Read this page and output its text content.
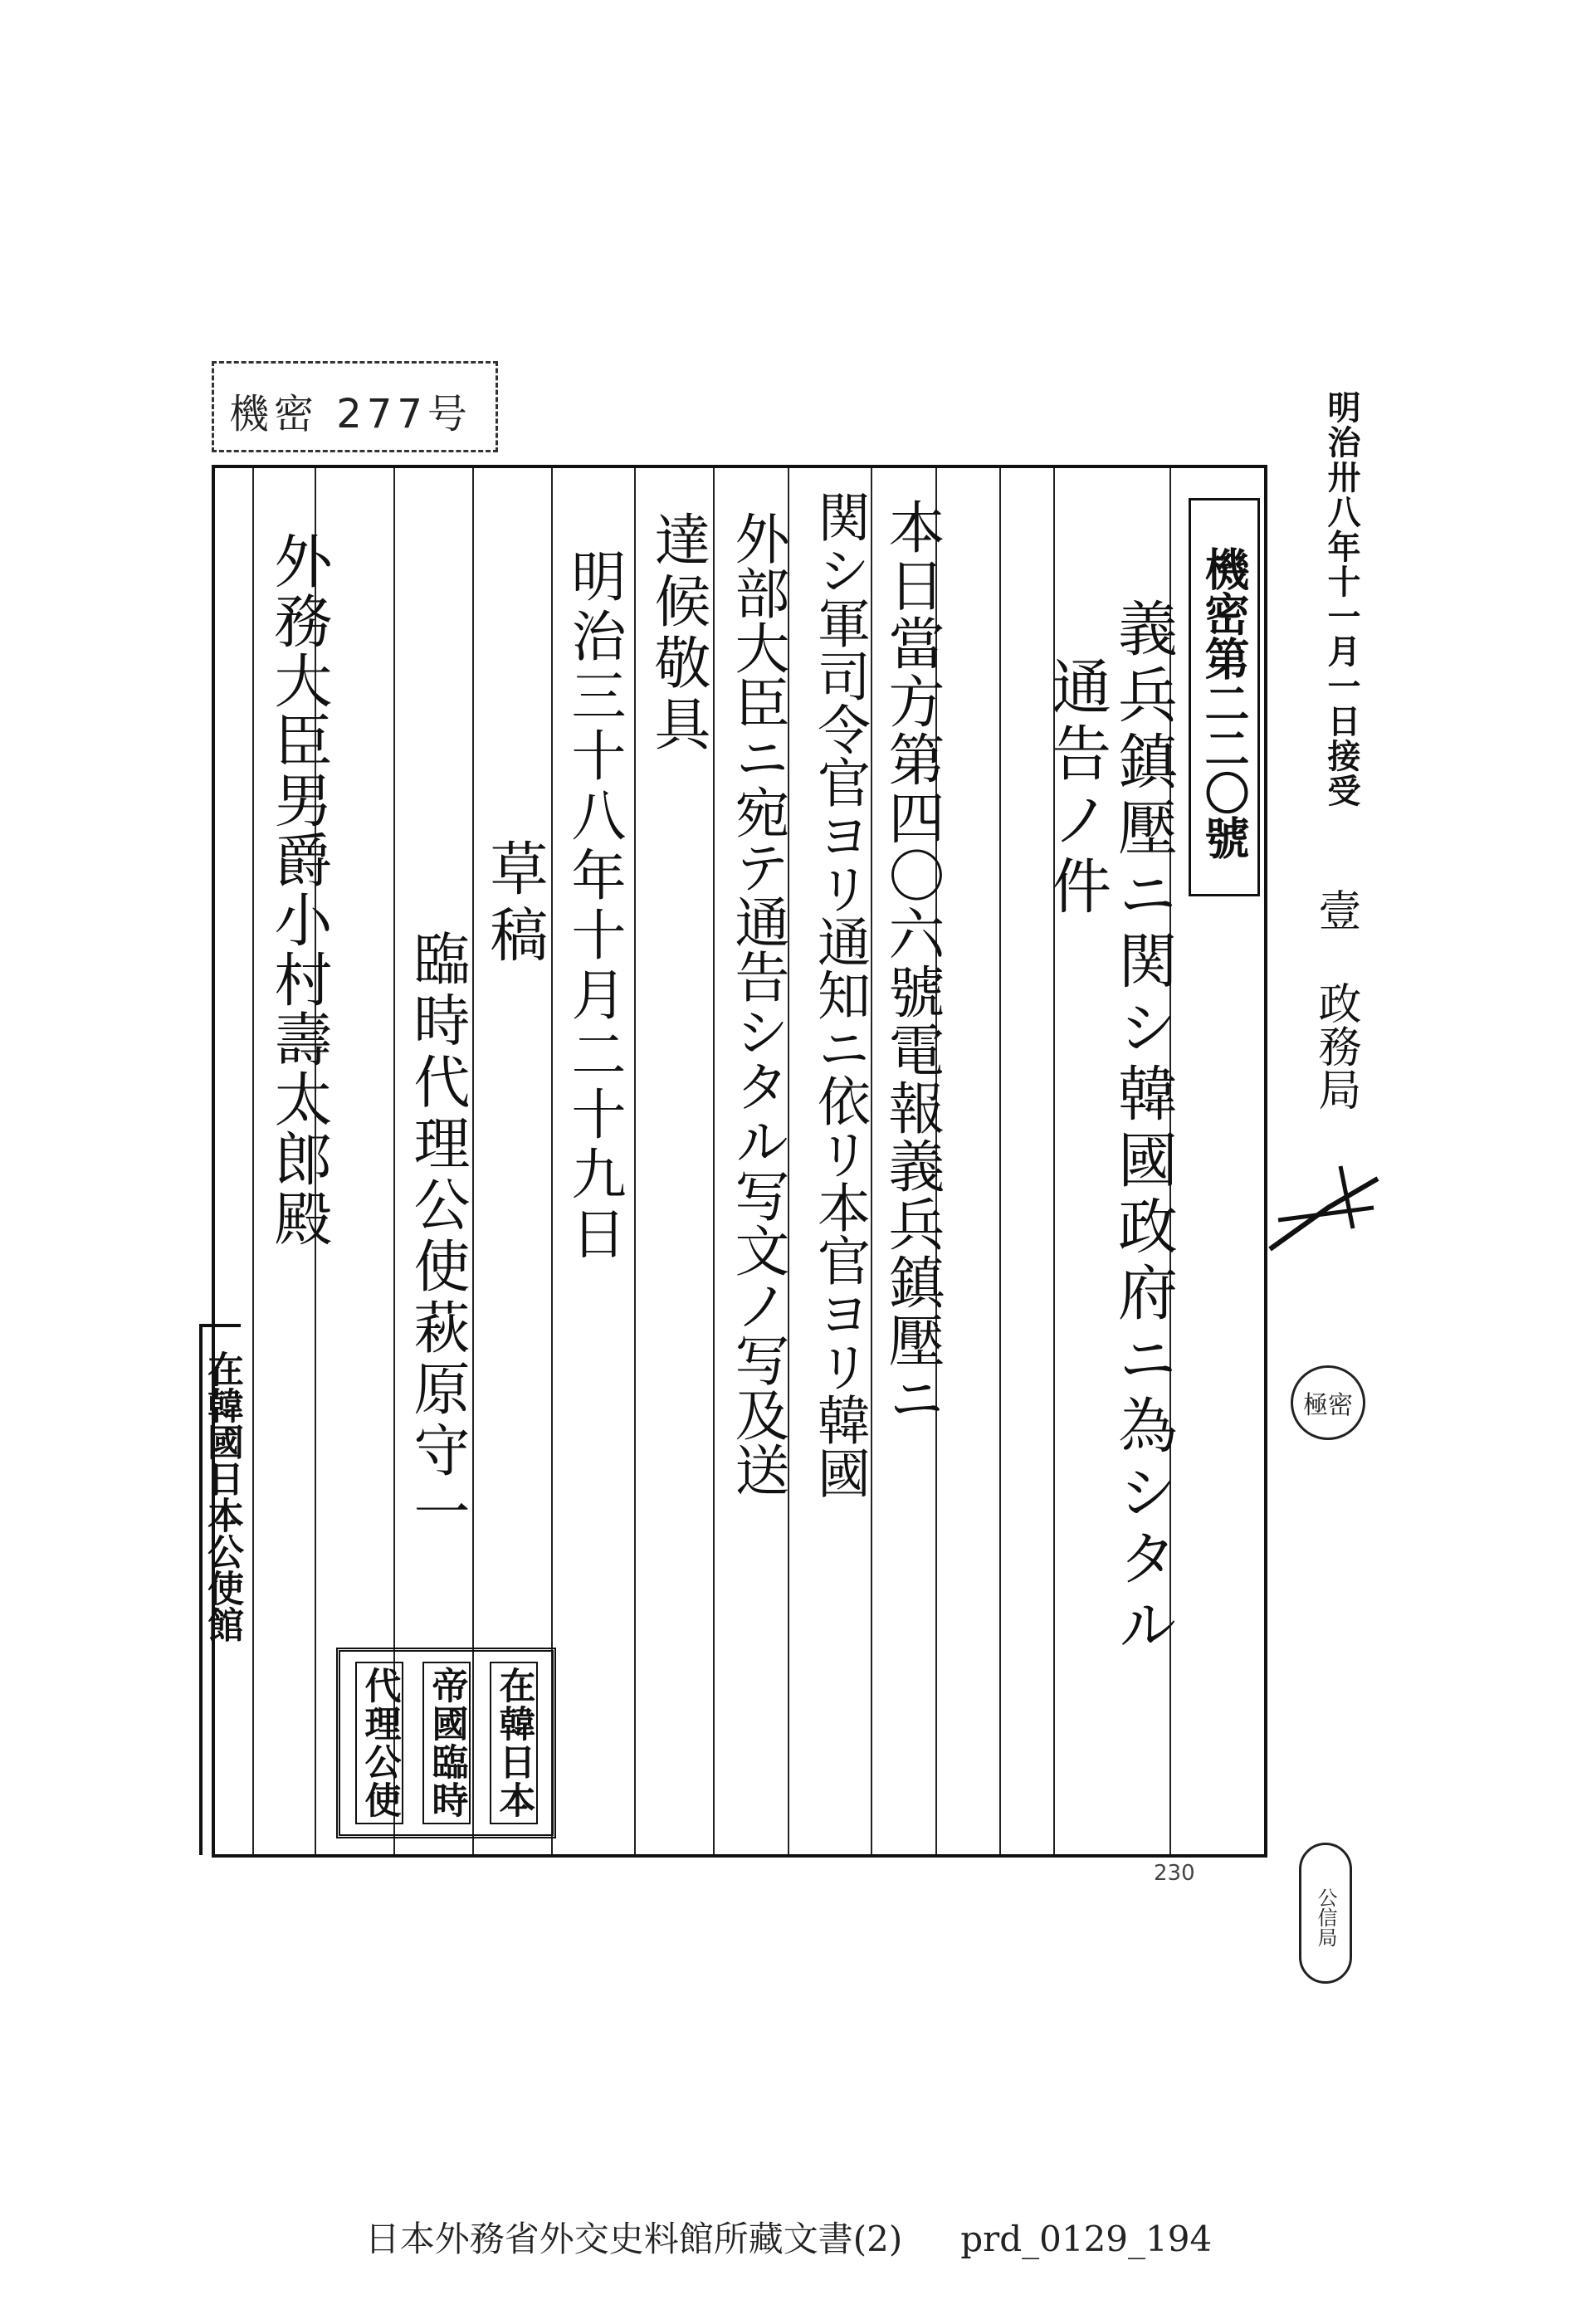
機密 277号	明治卅八年十一月一日接受
壹 政務局
極密
公信局
230
機密第二二〇號
義兵鎮壓ニ関シ韓國政府ニ為シタル
通告ノ件
本日當方第四〇六號電報義兵鎮壓ニ
関シ軍司令官ヨリ通知ニ依リ本官ヨリ韓國
外部大臣ニ宛テ通告シタル写文ノ写及送
達候敬具
明治三十八年十月二十九日
草稿
臨時代理公使萩原守一
外務大臣男爵小村壽太郎殿
在韓日本
帝國臨時
代理公使
在韓國日本公使館
日本外務省外交史料館所藏文書(2) prd_0129_194
